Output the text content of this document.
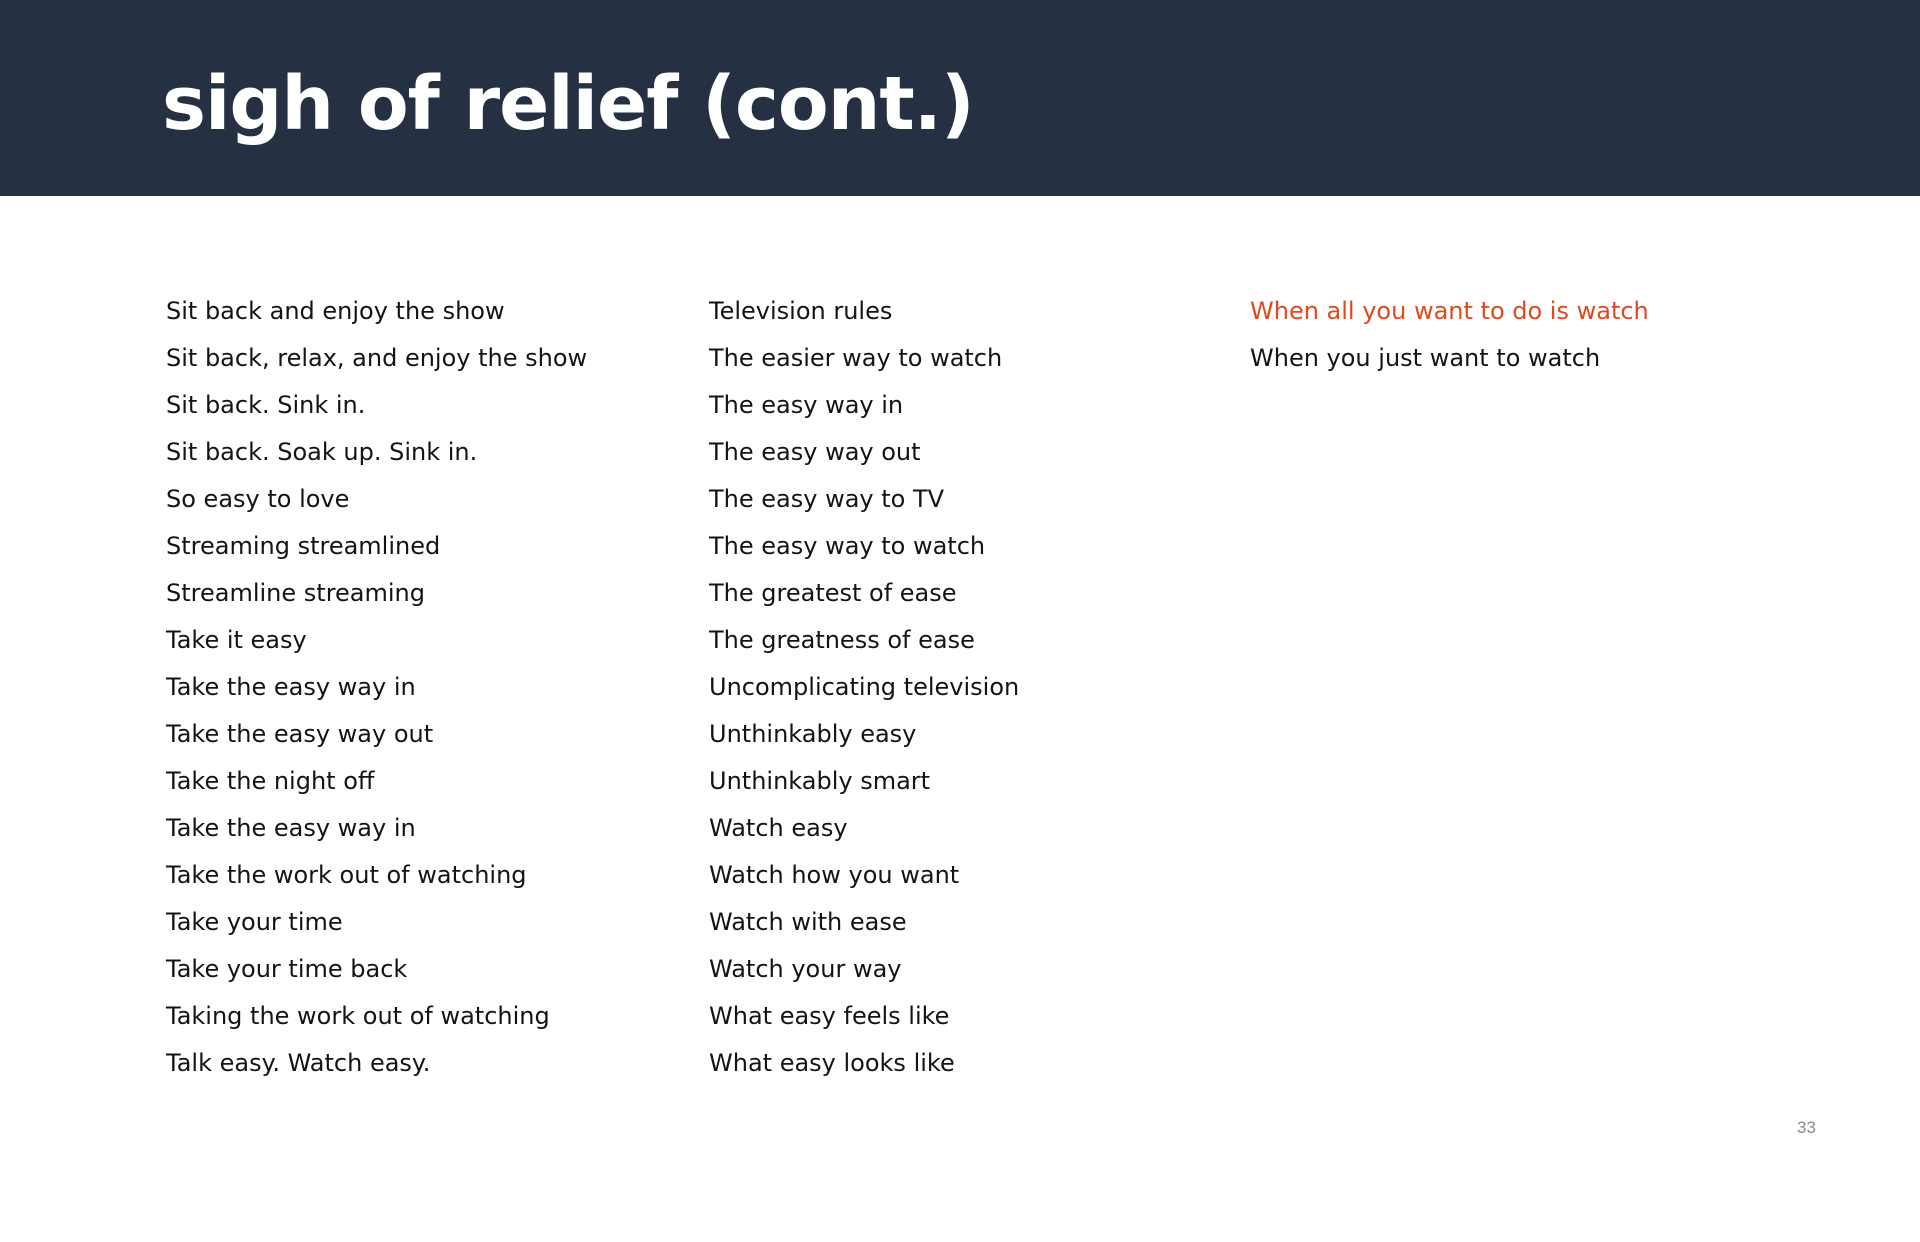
sigh of relief (cont.)
Sit back and enjoy the show
Sit back, relax, and enjoy the show
Sit back. Sink in.
Sit back. Soak up. Sink in.
So easy to love
Streaming streamlined
Streamline streaming
Take it easy
Take the easy way in
Take the easy way out
Take the night off
Take the easy way in
Take the work out of watching
Take your time
Take your time back
Taking the work out of watching
Talk easy. Watch easy.
Television rules
The easier way to watch
The easy way in
The easy way out
The easy way to TV
The easy way to watch
The greatest of ease
The greatness of ease
Uncomplicating television
Unthinkably easy
Unthinkably smart
Watch easy
Watch how you want
Watch with ease
Watch your way
What easy feels like
What easy looks like
When all you want to do is watch
When you just want to watch
33
